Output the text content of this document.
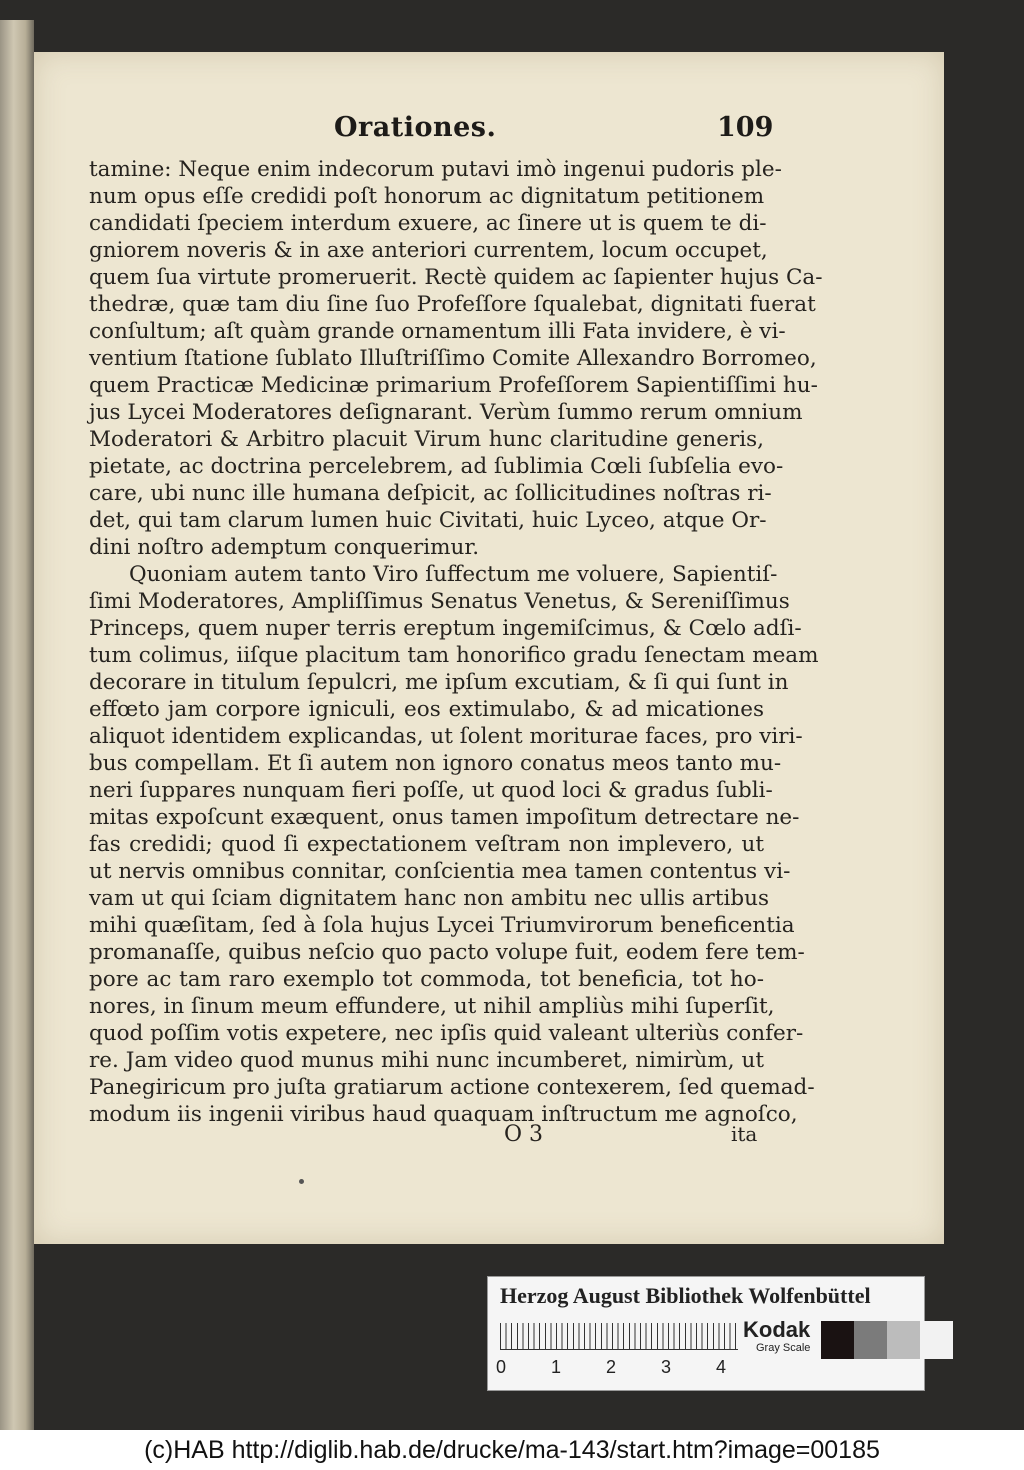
Orationes.	109
tamine: Neque enim indecorum putavi imò ingenui pudoris ple-
num opus eſſe credidi poſt honorum ac dignitatum petitionem
candidati ſpeciem interdum exuere, ac ſinere ut is quem te di-
gniorem noveris & in axe anteriori currentem, locum occupet,
quem ſua virtute promeruerit. Rectè quidem ac ſapienter hujus Ca-
thedræ, quæ tam diu ſine ſuo Profeſſore ſqualebat, dignitati fuerat
conſultum; aſt quàm grande ornamentum illi Fata invidere, è vi-
ventium ſtatione ſublato Illuſtriſſimo Comite Allexandro Borromeo,
quem Practicæ Medicinæ primarium Profeſſorem Sapientiſſimi hu-
jus Lycei Moderatores deſignarant. Verùm ſummo rerum omnium
Moderatori & Arbitro placuit Virum hunc claritudine generis,
pietate, ac doctrina percelebrem, ad ſublimia Cœli ſubſelia evo-
care, ubi nunc ille humana deſpicit, ac ſollicitudines noſtras ri-
det, qui tam clarum lumen huic Civitati, huic Lyceo, atque Or-
dini noſtro ademptum conquerimur.
Quoniam autem tanto Viro ſuffectum me voluere, Sapientiſ-
ſimi Moderatores, Ampliſſimus Senatus Venetus, & Sereniſſimus
Princeps, quem nuper terris ereptum ingemiſcimus, & Cœlo adſi-
tum colimus, iiſque placitum tam honorifico gradu ſenectam meam
decorare in titulum ſepulcri, me ipſum excutiam, & ſi qui ſunt in
effœto jam corpore igniculi, eos extimulabo, & ad micationes
aliquot identidem explicandas, ut ſolent moriturae faces, pro viri-
bus compellam. Et ſi autem non ignoro conatus meos tanto mu-
neri ſuppares nunquam fieri poſſe, ut quod loci & gradus ſubli-
mitas expoſcunt exæquent, onus tamen impoſitum detrectare ne-
fas credidi; quod ſi expectationem veſtram non implevero, ut
ut nervis omnibus connitar, conſcientia mea tamen contentus vi-
vam ut qui ſciam dignitatem hanc non ambitu nec ullis artibus
mihi quæſitam, ſed à ſola hujus Lycei Triumvirorum beneficentia
promanaſſe, quibus neſcio quo pacto volupe fuit, eodem fere tem-
pore ac tam raro exemplo tot commoda, tot beneficia, tot ho-
nores, in ſinum meum effundere, ut nihil ampliùs mihi ſuperſit,
quod poſſim votis expetere, nec ipſis quid valeant ulteriùs confer-
re. Jam video quod munus mihi nunc incumberet, nimirùm, ut
Panegiricum pro juſta gratiarum actione contexerem, ſed quemad-
modum iis ingenii viribus haud quaquam inſtructum me agnoſco,
O 3	ita
Herzog August Bibliothek Wolfenbüttel
0 1 2 3 4
Kodak
Gray Scale
(c)HAB http://diglib.hab.de/drucke/ma-143/start.htm?image=00185
